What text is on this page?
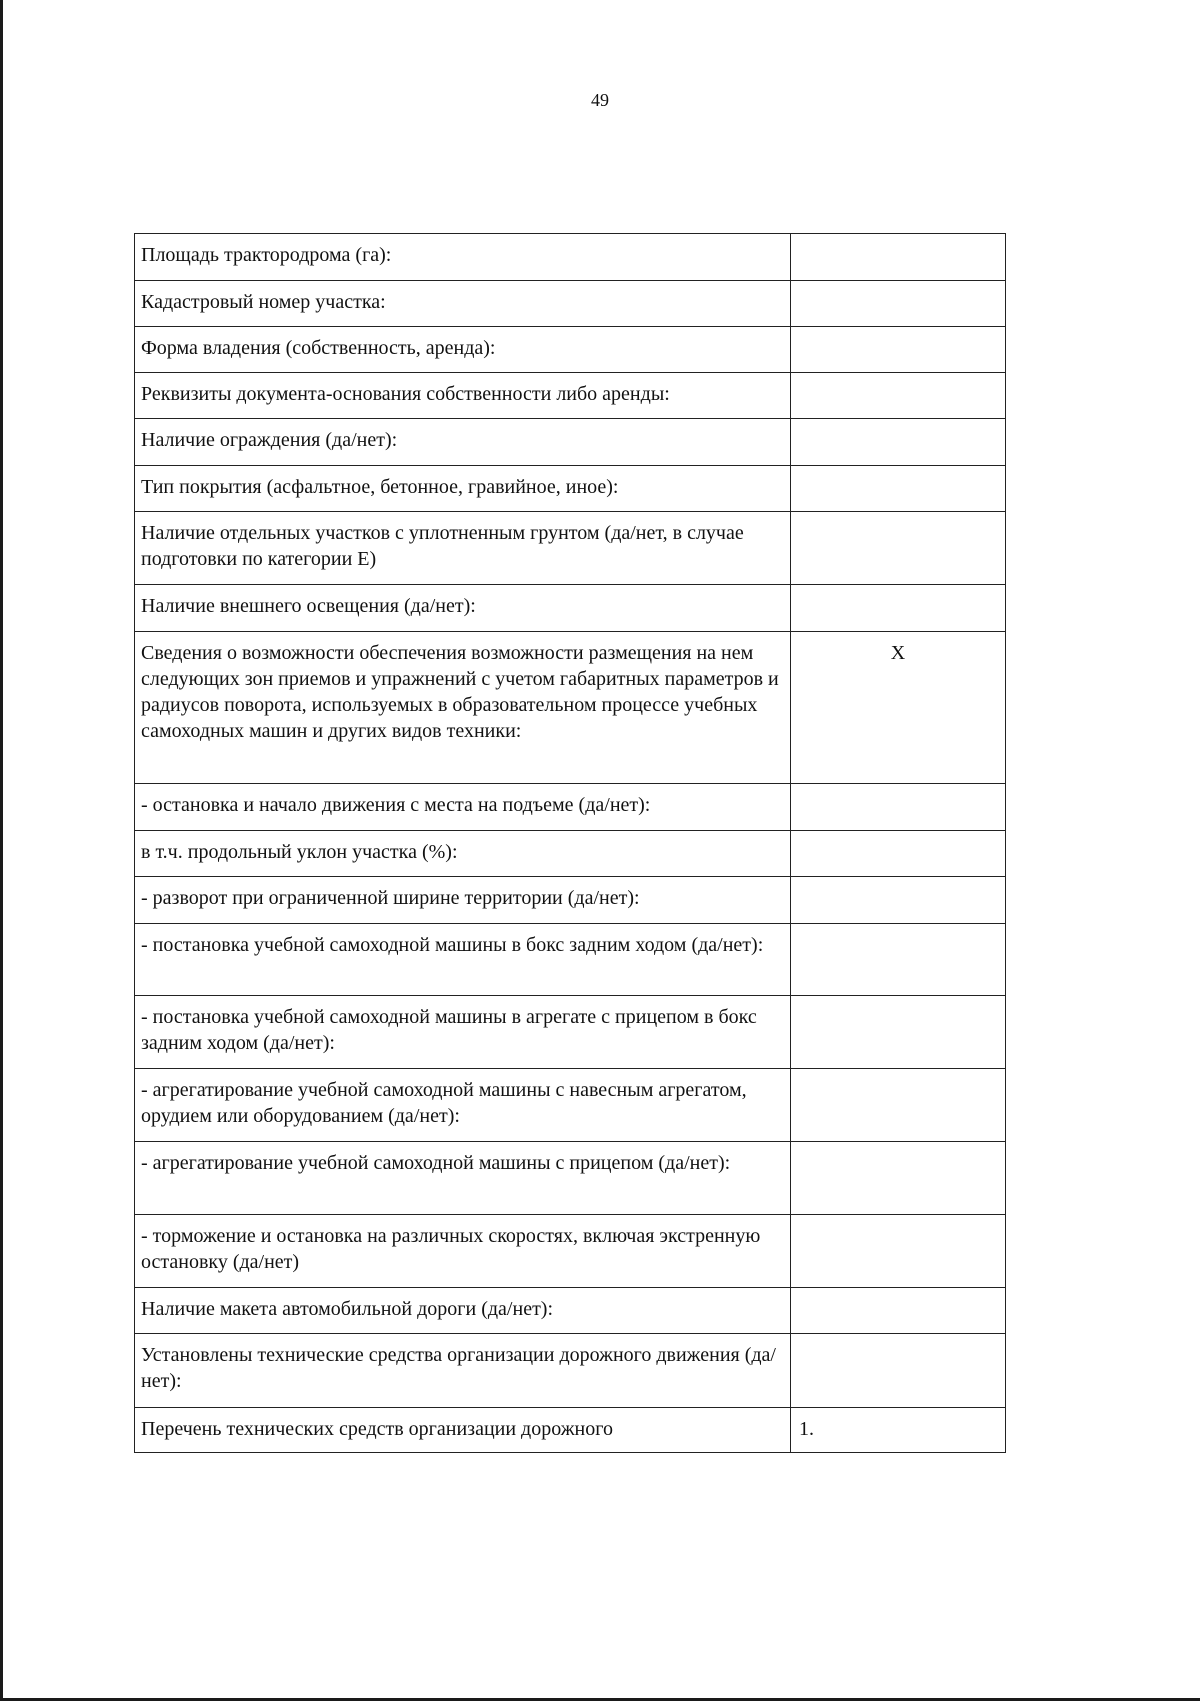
49
Площадь трактородрома (га):	
Кадастровый номер участка:	
Форма владения (собственность, аренда):	
Реквизиты документа-основания собственности либо аренды:	
Наличие ограждения (да/нет):	
Тип покрытия (асфальтное, бетонное, гравийное, иное):	
Наличие отдельных участков с уплотненным грунтом (да/нет, в случае подготовки по категории Е)	
Наличие внешнего освещения (да/нет):	
Сведения о возможности обеспечения возможности размещения на нем следующих зон приемов и упражнений с учетом габаритных параметров и радиусов поворота, используемых в образовательном процессе учебных самоходных машин и других видов техники:	X
- остановка и начало движения с места на подъеме (да/нет):	
в т.ч. продольный уклон участка (%):	
- разворот при ограниченной ширине территории (да/нет):	
- постановка учебной самоходной машины в бокс задним ходом (да/нет):	
- постановка учебной самоходной машины в агрегате с прицепом в бокс задним ходом (да/нет):	
- агрегатирование учебной самоходной машины с навесным агрегатом, орудием или оборудованием (да/нет):	
- агрегатирование учебной самоходной машины с прицепом (да/нет):	
- торможение и остановка на различных скоростях, включая экстренную остановку (да/нет)	
Наличие макета автомобильной дороги (да/нет):	
Установлены технические средства организации дорожного движения (да/нет):	
Перечень технических средств организации дорожного	1.
